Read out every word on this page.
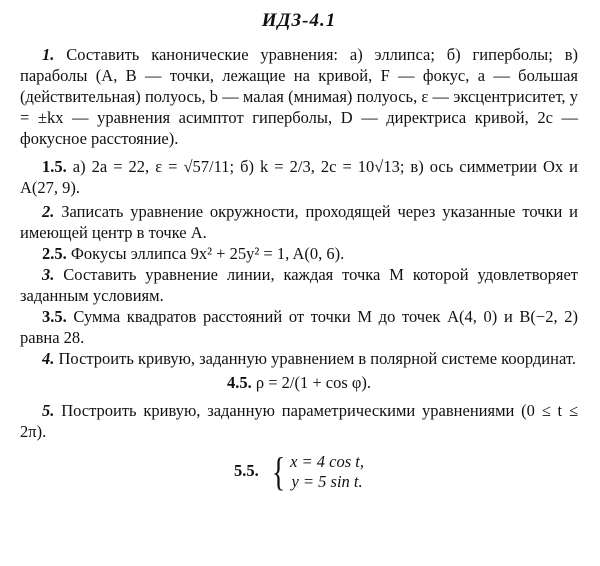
ИДЗ-4.1

1. Составить канонические уравнения: а) эллипса; б) гиперболы; в) параболы (A, B — точки, лежащие на кривой, F — фокус, a — большая (действительная) полуось, b — малая (мнимая) полуось, ε — эксцентриситет, y = ±kx — уравнения асимптот гиперболы, D — директриса кривой, 2c — фокусное расстояние).

1.5. а) 2a = 22, ε = √57/11; б) k = 2/3, 2c = 10√13; в) ось симметрии Ox и A(27, 9).

2. Записать уравнение окружности, проходящей через указанные точки и имеющей центр в точке A.

2.5. Фокусы эллипса 9x² + 25y² = 1, A(0, 6).

3. Составить уравнение линии, каждая точка M которой удовлетворяет заданным условиям.

3.5. Сумма квадратов расстояний от точки M до точек A(4, 0) и B(−2, 2) равна 28.

4. Построить кривую, заданную уравнением в полярной системе координат.

4.5. ρ = 2/(1 + cos φ).

5. Построить кривую, заданную параметрическими уравнениями (0 ≤ t ≤ 2π).

5.5. { x = 4 cos t,
y = 5 sin t.
